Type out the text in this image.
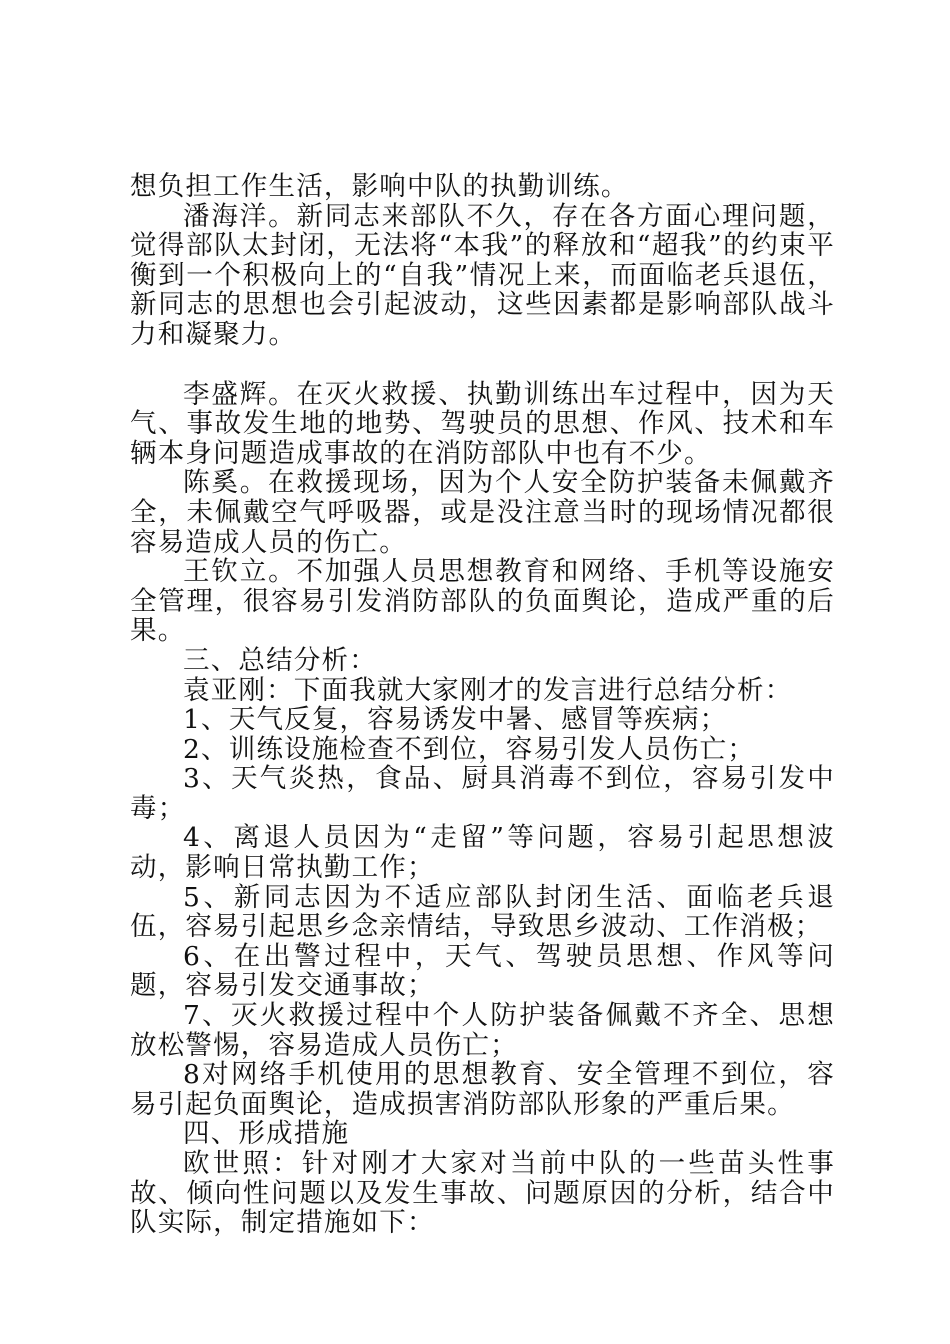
想负担工作生活，影响中队的执勤训练。

潘海洋。新同志来部队不久，存在各方面心理问题，觉得部队太封闭，无法将“本我”的释放和“超我”的约束平衡到一个积极向上的“自我”情况上来，而面临老兵退伍，新同志的思想也会引起波动，这些因素都是影响部队战斗力和凝聚力。

李盛辉。在灭火救援、执勤训练出车过程中，因为天气、事故发生地的地势、驾驶员的思想、作风、技术和车辆本身问题造成事故的在消防部队中也有不少。

陈奚。在救援现场，因为个人安全防护装备未佩戴齐全，未佩戴空气呼吸器，或是没注意当时的现场情况都很容易造成人员的伤亡。

王钦立。不加强人员思想教育和网络、手机等设施安全管理，很容易引发消防部队的负面舆论，造成严重的后果。

三、总结分析：

袁亚刚：下面我就大家刚才的发言进行总结分析：

1、天气反复，容易诱发中暑、感冒等疾病；

2、训练设施检查不到位，容易引发人员伤亡；

3、天气炎热，食品、厨具消毒不到位，容易引发中毒；

4、离退人员因为“走留”等问题，容易引起思想波动，影响日常执勤工作；

5、新同志因为不适应部队封闭生活、面临老兵退伍，容易引起思乡念亲情结，导致思乡波动、工作消极；

6、在出警过程中，天气、驾驶员思想、作风等问题，容易引发交通事故；

7、灭火救援过程中个人防护装备佩戴不齐全、思想放松警惕，容易造成人员伤亡；

8对网络手机使用的思想教育、安全管理不到位，容易引起负面舆论，造成损害消防部队形象的严重后果。

四、形成措施

欧世照：针对刚才大家对当前中队的一些苗头性事故、倾向性问题以及发生事故、问题原因的分析，结合中队实际，制定措施如下：
